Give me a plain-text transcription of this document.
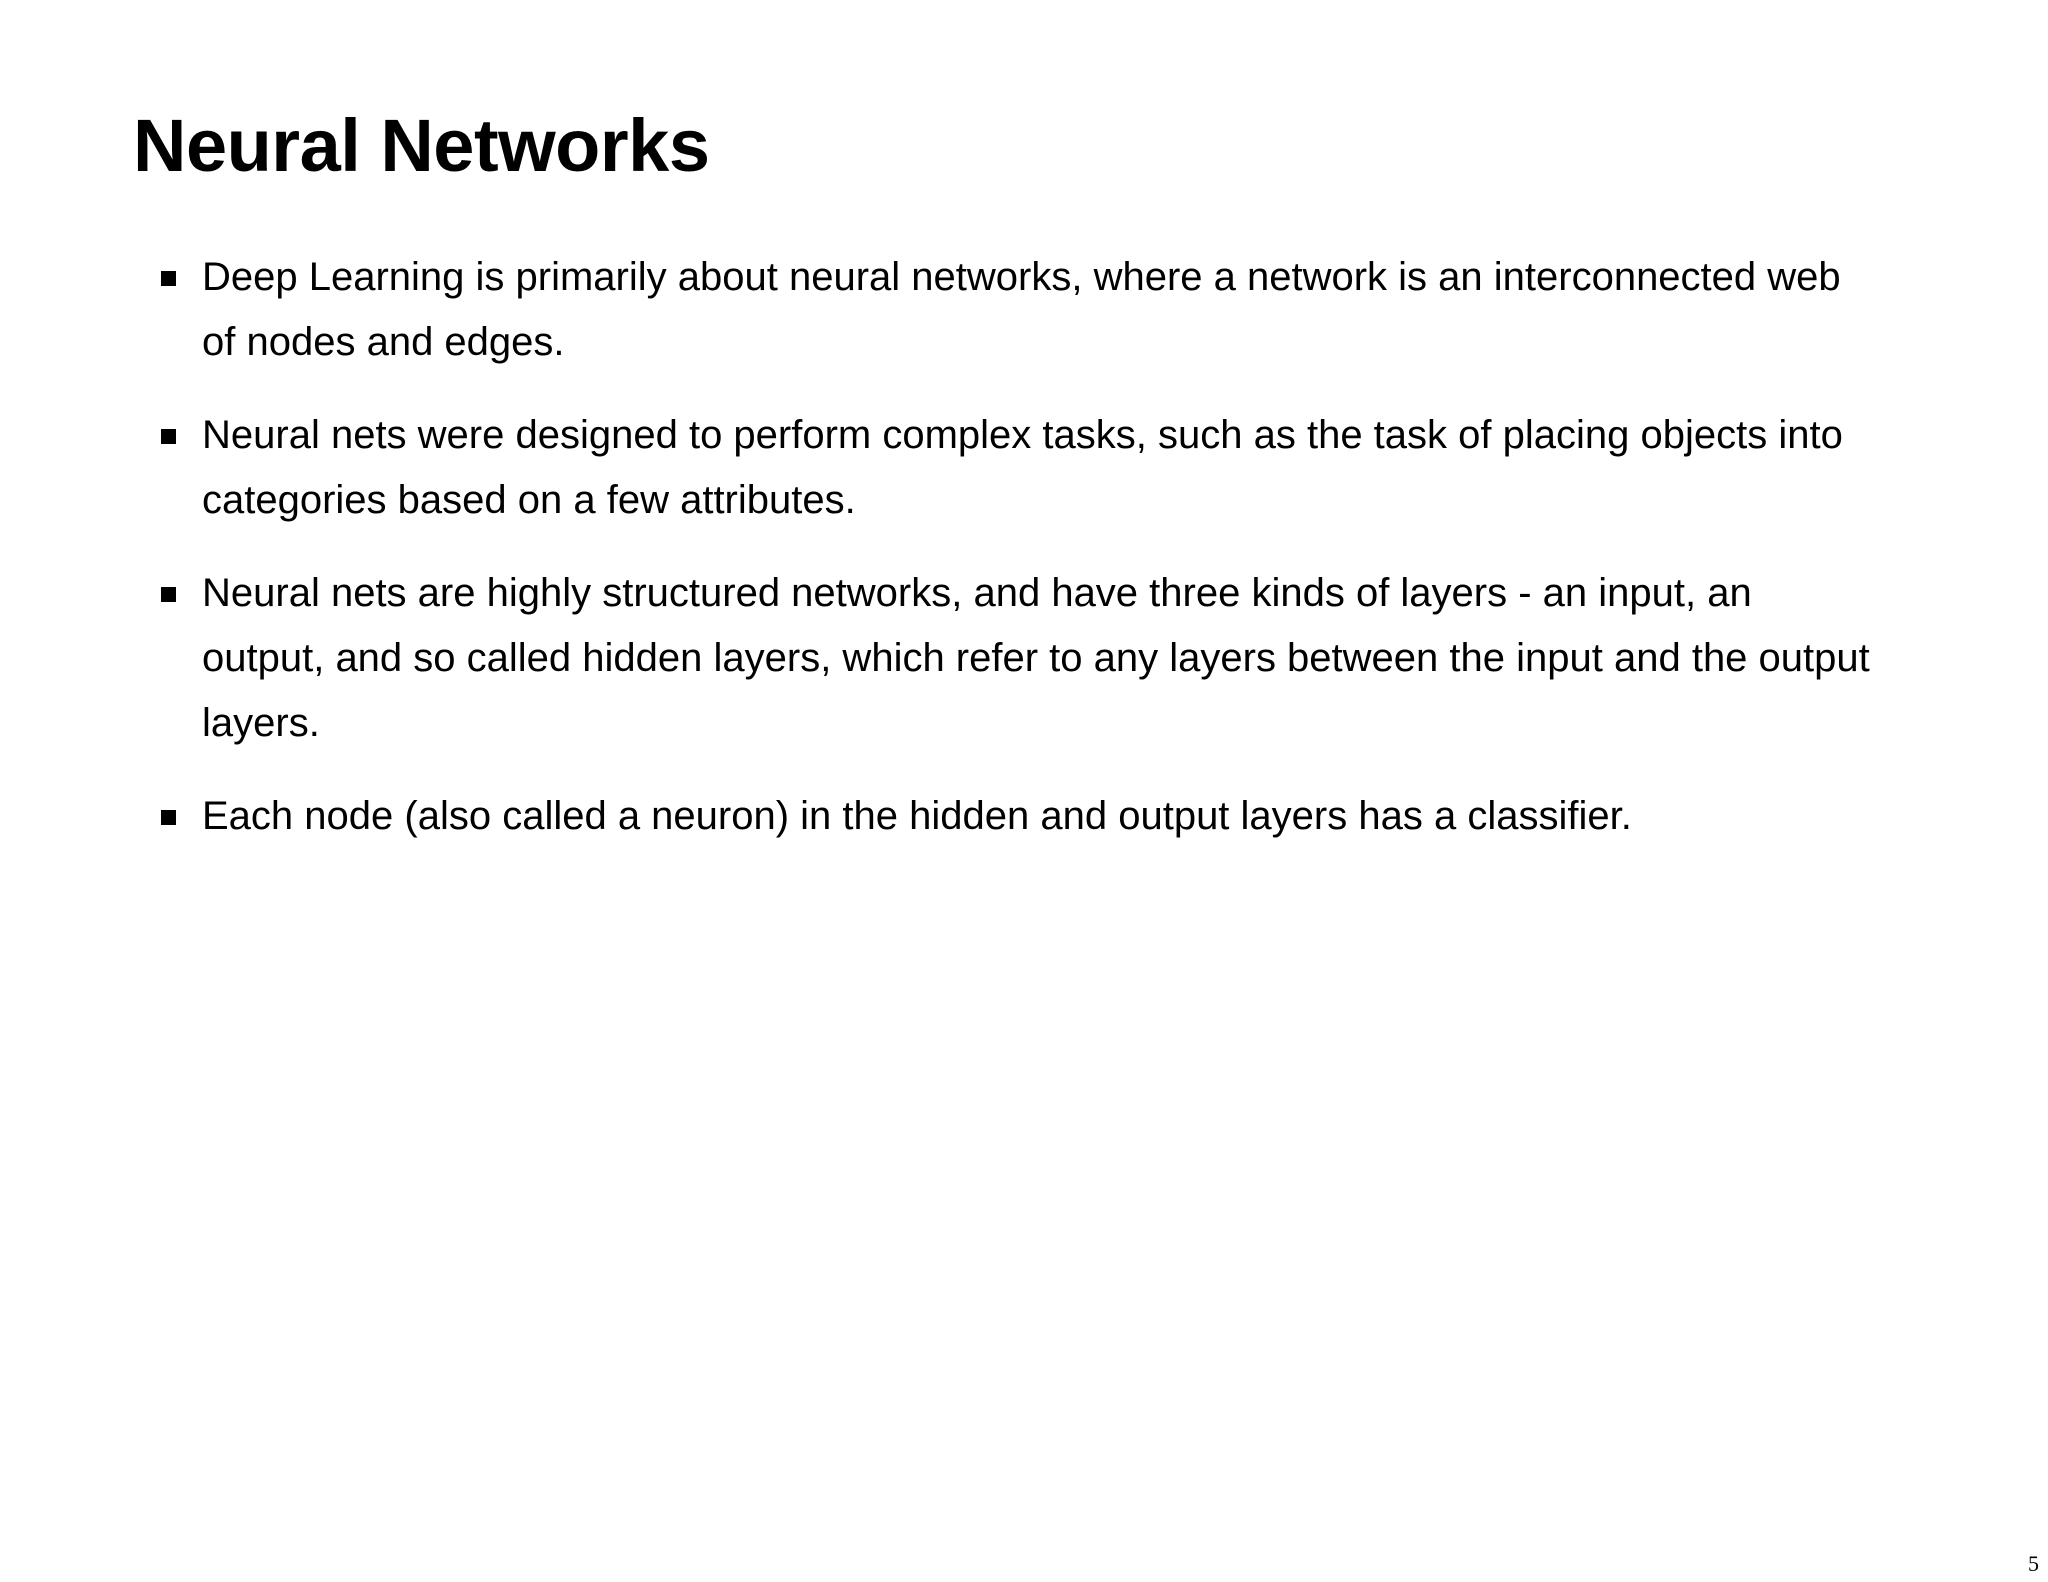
Neural Networks
Deep Learning is primarily about neural networks, where a network is an interconnected web of nodes and edges.
Neural nets were designed to perform complex tasks, such as the task of placing objects into categories based on a few attributes.
Neural nets are highly structured networks, and have three kinds of layers - an input, an output, and so called hidden layers, which refer to any layers between the input and the output layers.
Each node (also called a neuron) in the hidden and output layers has a classifier.
5
